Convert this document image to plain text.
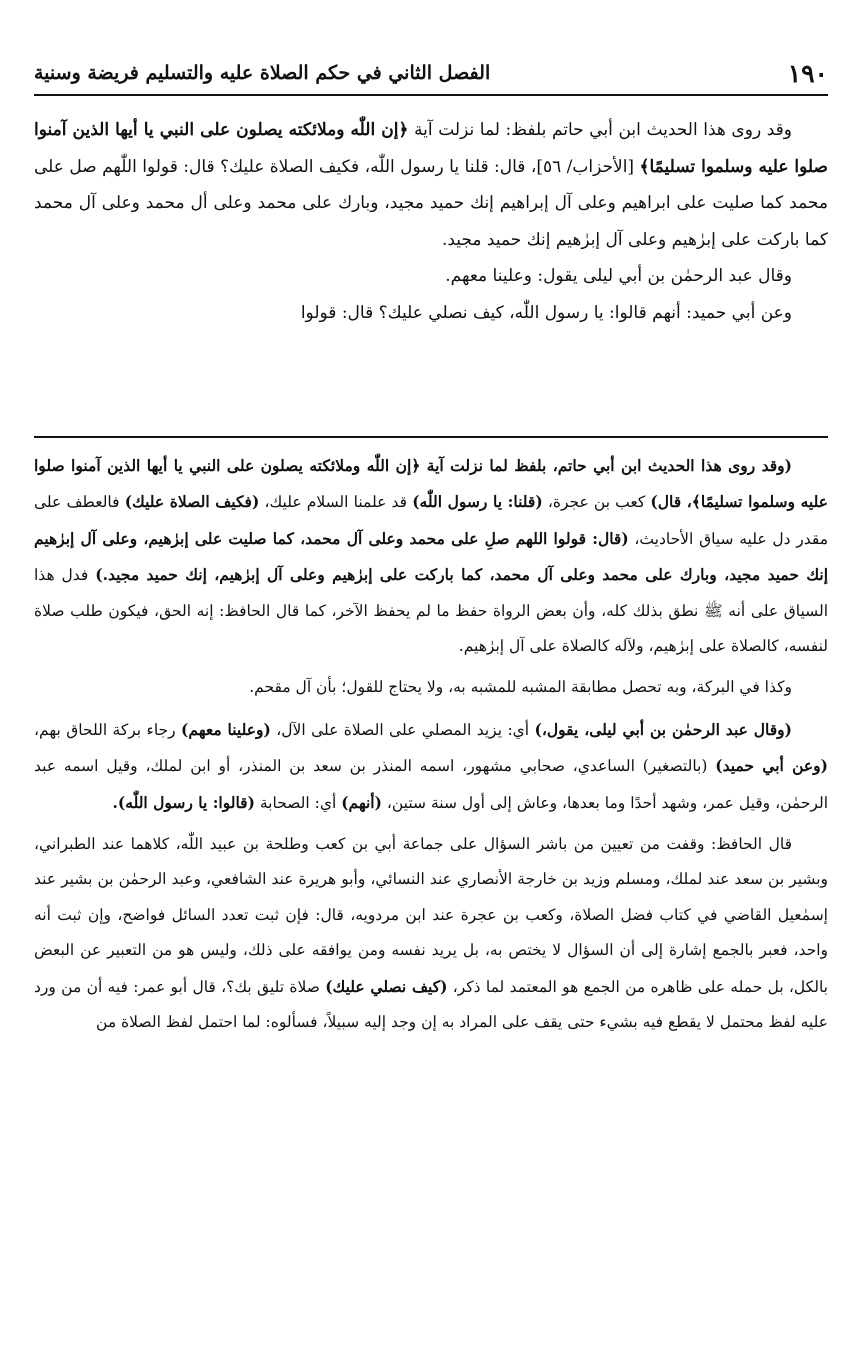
١٩٠
الفصل الثاني في حكم الصلاة عليه والتسليم فريضة وسنية

وقد روى هذا الحديث ابن أبي حاتم بلفظ: لما نزلت آية ﴿إن اللّٰه وملائكته يصلون على النبي يا أيها الذين آمنوا صلوا عليه وسلموا تسليمًا﴾ [الأحزاب/ ٥٦]، قال: قلنا يا رسول اللّٰه، فكيف الصلاة عليك؟ قال: قولوا اللّٰهم صل على محمد كما صليت على ابراهيم وعلى آل إبراهيم إنك حميد مجيد، وبارك على محمد وعلى أل محمد وعلى آل محمد كما باركت على إبرٰهيم وعلى آل إبرٰهيم إنك حميد مجيد.

وقال عبد الرحمٰن بن أبي ليلى يقول: وعلينا معهم.

وعن أبي حميد: أنهم قالوا: يا رسول اللّٰه، كيف نصلي عليك؟ قال: قولوا

(وقد روى هذا الحديث ابن أبي حاتم، بلفظ لما نزلت آية ﴿إن اللّٰه وملائكته يصلون على النبي يا أيها الذين آمنوا صلوا عليه وسلموا تسليمًا﴾، قال) كعب بن عجرة، (قلنا: يا رسول اللّٰه) قد علمنا السلام عليك، (فكيف الصلاة عليك) فالعطف على مقدر دل عليه سياق الأحاديث، (قال: قولوا اللهم صلِ على محمد وعلى آل محمد، كما صليت على إبرٰهيم، وعلى آل إبرٰهيم إنك حميد مجيد، وبارك على محمد وعلى آل محمد، كما باركت على إبرٰهيم وعلى آل إبرٰهيم، إنك حميد مجيد.) فدل هذا السياق على أنه ﷺ نطق بذلك كله، وأن بعض الرواة حفظ ما لم يحفظ الآخر، كما قال الحافظ: إنه الحق، فيكون طلب صلاة لنفسه، كالصلاة على إبرٰهيم، ولآله كالصلاة على آل إبرٰهيم.

وكذا في البركة، وبه تحصل مطابقة المشبه للمشبه به، ولا يحتاج للقول؛ بأن آل مقحم.

(وقال عبد الرحمٰن بن أبي ليلى، يقول،) أي: يزيد المصلي على الصلاة على الآل، (وعلينا معهم) رجاء بركة اللحاق بهم، (وعن أبي حميد) (بالتصغير) الساعدي، صحابي مشهور، اسمه المنذر بن سعد بن المنذر، أو ابن لملك، وقيل اسمه عبد الرحمٰن، وقيل عمر، وشهد أحدًا وما بعدها، وعاش إلى أول سنة ستين، (أنهم) أي: الصحابة (قالوا: يا رسول اللّٰه).

قال الحافظ: وقفت من تعيين من باشر السؤال على جماعة أبي بن كعب وطلحة بن عبيد اللّٰه، كلاهما عند الطبراني، وبشير بن سعد عند لملك، ومسلم وزيد بن خارجة الأنصاري عند النسائي، وأبو هريرة عند الشافعي، وعبد الرحمٰن بن بشير عند إسمٰعيل القاضي في كتاب فضل الصلاة، وكعب بن عجرة عند ابن مردويه، قال: فإن ثبت تعدد السائل فواضح، وإن ثبت أنه واحد، فعبر بالجمع إشارة إلى أن السؤال لا يختص به، بل يريد نفسه ومن يوافقه على ذلك، وليس هو من التعبير عن البعض بالكل، بل حمله على ظاهره من الجمع هو المعتمد لما ذكر، (كيف نصلي عليك) صلاة تليق بك؟، قال أبو عمر: فيه أن من ورد عليه لفظ محتمل لا يقطع فيه بشيء حتى يقف على المراد به إن وجد إليه سبيلاً، فسألوه: لما احتمل لفظ الصلاة من
